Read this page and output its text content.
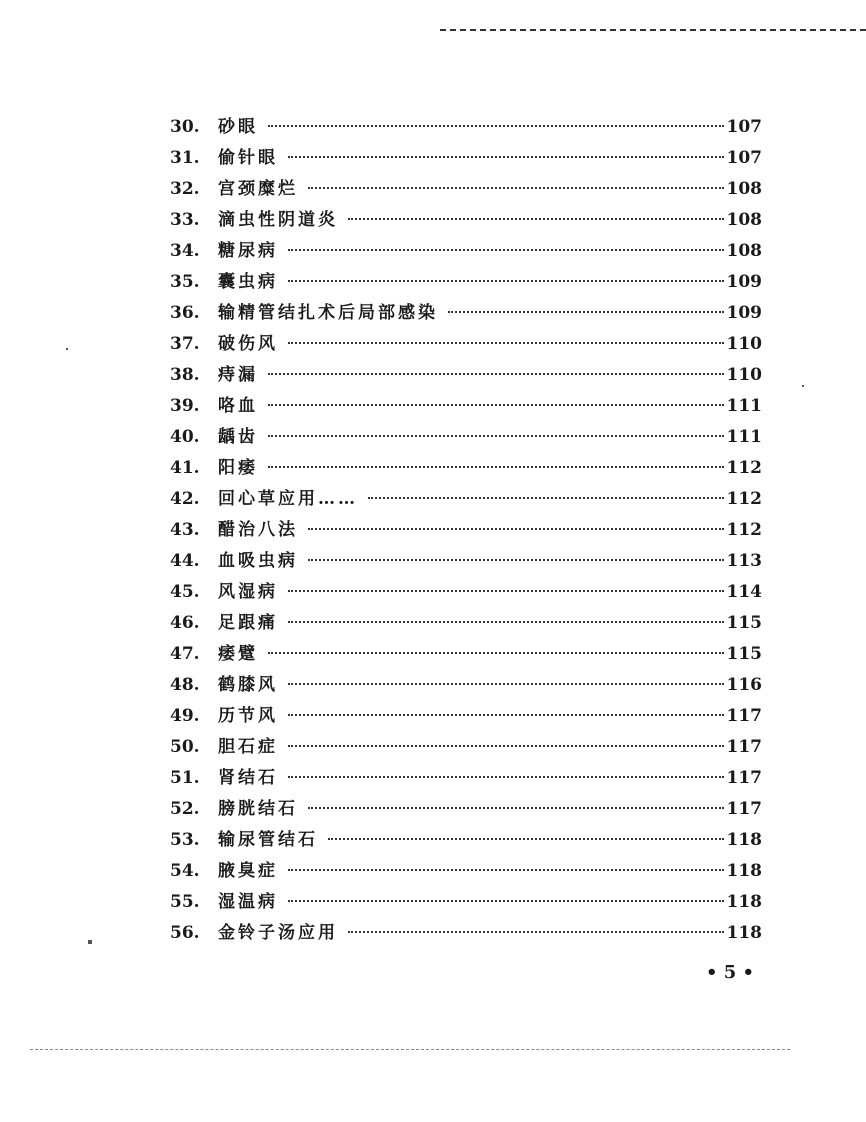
30.	砂眼	107
31.	偷针眼	107
32.	宫颈糜烂	108
33.	滴虫性阴道炎	108
34.	糖尿病	108
35.	囊虫病	109
36.	输精管结扎术后局部感染	109
37.	破伤风	110
38.	痔漏	110
39.	咯血	111
40.	龋齿	111
41.	阳痿	112
42.	回心草应用……	112
43.	醋治八法	112
44.	血吸虫病	113
45.	风湿病	114
46.	足跟痛	115
47.	痿躄	115
48.	鹤膝风	116
49.	历节风	117
50.	胆石症	117
51.	肾结石	117
52.	膀胱结石	117
53.	输尿管结石	118
54.	腋臭症	118
55.	湿温病	118
56.	金铃子汤应用	118
• 5 •
